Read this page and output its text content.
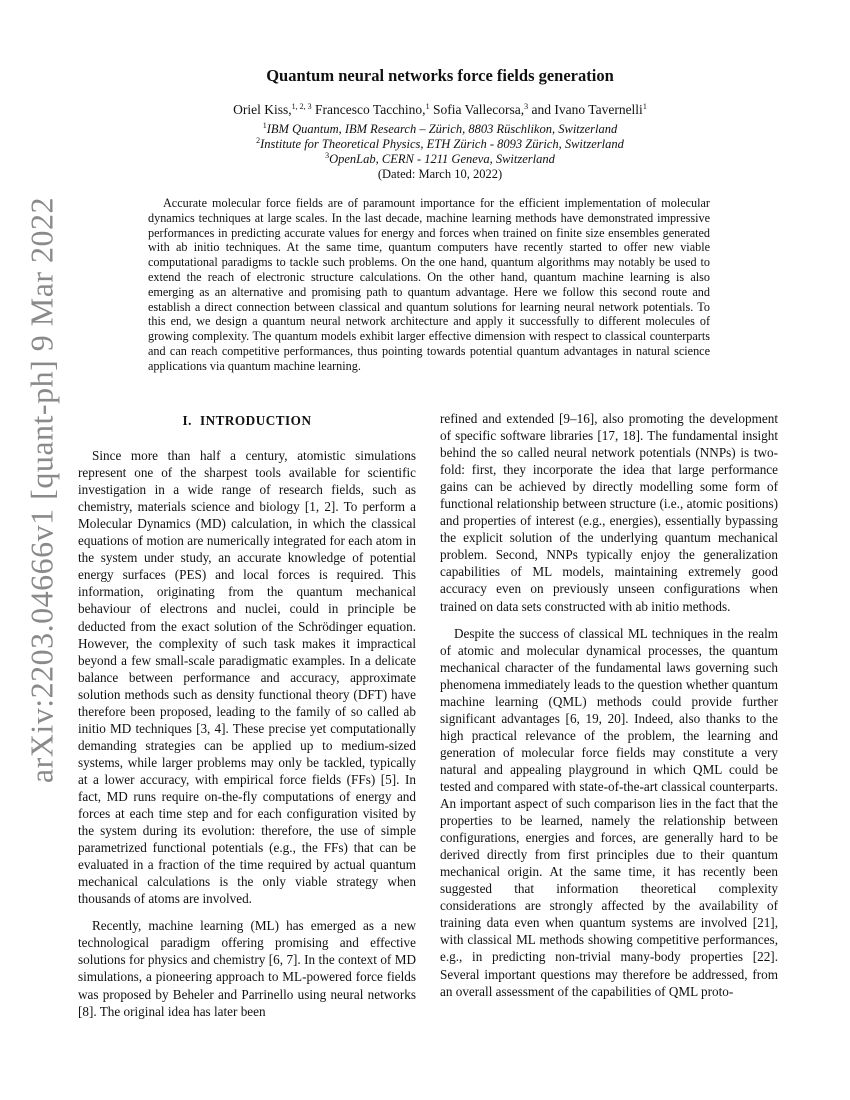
arXiv:2203.04666v1 [quant-ph] 9 Mar 2022
Quantum neural networks force fields generation
Oriel Kiss,$^{1, 2, 3}$ Francesco Tacchino,$^1$ Sofia Vallecorsa,$^3$ and Ivano Tavernelli$^1$
$^1$IBM Quantum, IBM Research – Zürich, 8803 Rüschlikon, Switzerland
$^2$Institute for Theoretical Physics, ETH Zürich - 8093 Zürich, Switzerland
$^3$OpenLab, CERN - 1211 Geneva, Switzerland
(Dated: March 10, 2022)
Accurate molecular force fields are of paramount importance for the efficient implementation of molecular dynamics techniques at large scales. In the last decade, machine learning methods have demonstrated impressive performances in predicting accurate values for energy and forces when trained on finite size ensembles generated with ab initio techniques. At the same time, quantum computers have recently started to offer new viable computational paradigms to tackle such problems. On the one hand, quantum algorithms may notably be used to extend the reach of electronic structure calculations. On the other hand, quantum machine learning is also emerging as an alternative and promising path to quantum advantage. Here we follow this second route and establish a direct connection between classical and quantum solutions for learning neural network potentials. To this end, we design a quantum neural network architecture and apply it successfully to different molecules of growing complexity. The quantum models exhibit larger effective dimension with respect to classical counterparts and can reach competitive performances, thus pointing towards potential quantum advantages in natural science applications via quantum machine learning.
I. INTRODUCTION

Since more than half a century, atomistic simulations represent one of the sharpest tools available for scientific investigation in a wide range of research fields, such as chemistry, materials science and biology [1, 2]. To perform a Molecular Dynamics (MD) calculation, in which the classical equations of motion are numerically integrated for each atom in the system under study, an accurate knowledge of potential energy surfaces (PES) and local forces is required. This information, originating from the quantum mechanical behaviour of electrons and nuclei, could in principle be deducted from the exact solution of the Schrödinger equation. However, the complexity of such task makes it impractical beyond a few small-scale paradigmatic examples. In a delicate balance between performance and accuracy, approximate solution methods such as density functional theory (DFT) have therefore been proposed, leading to the family of so called ab initio MD techniques [3, 4]. These precise yet computationally demanding strategies can be applied up to medium-sized systems, while larger problems may only be tackled, typically at a lower accuracy, with empirical force fields (FFs) [5]. In fact, MD runs require on-the-fly computations of energy and forces at each time step and for each configuration visited by the system during its evolution: therefore, the use of simple parametrized functional potentials (e.g., the FFs) that can be evaluated in a fraction of the time required by actual quantum mechanical calculations is the only viable strategy when thousands of atoms are involved.

Recently, machine learning (ML) has emerged as a new technological paradigm offering promising and effective solutions for physics and chemistry [6, 7]. In the context of MD simulations, a pioneering approach to ML-powered force fields was proposed by Beheler and Parrinello using neural networks [8]. The original idea has later been

refined and extended [9–16], also promoting the development of specific software libraries [17, 18]. The fundamental insight behind the so called neural network potentials (NNPs) is two-fold: first, they incorporate the idea that large performance gains can be achieved by directly modelling some form of functional relationship between structure (i.e., atomic positions) and properties of interest (e.g., energies), essentially bypassing the explicit solution of the underlying quantum mechanical problem. Second, NNPs typically enjoy the generalization capabilities of ML models, maintaining extremely good accuracy even on previously unseen configurations when trained on data sets constructed with ab initio methods.

Despite the success of classical ML techniques in the realm of atomic and molecular dynamical processes, the quantum mechanical character of the fundamental laws governing such phenomena immediately leads to the question whether quantum machine learning (QML) methods could provide further significant advantages [6, 19, 20]. Indeed, also thanks to the high practical relevance of the problem, the learning and generation of molecular force fields may constitute a very natural and appealing playground in which QML could be tested and compared with state-of-the-art classical counterparts. An important aspect of such comparison lies in the fact that the properties to be learned, namely the relationship between configurations, energies and forces, are generally hard to be derived directly from first principles due to their quantum mechanical origin. At the same time, it has recently been suggested that information theoretical complexity considerations are strongly affected by the availability of training data even when quantum systems are involved [21], with classical ML methods showing competitive performances, e.g., in predicting non-trivial many-body properties [22]. Several important questions may therefore be addressed, from an overall assessment of the capabilities of QML proto-
